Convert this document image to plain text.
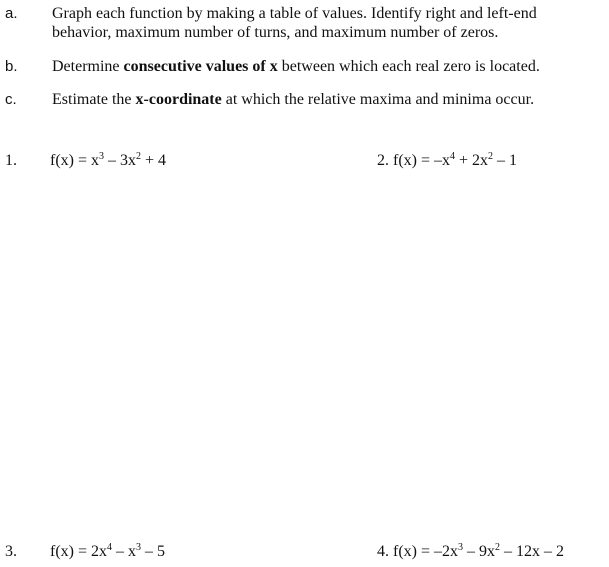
a. Graph each function by making a table of values. Identify right and left-end
behavior, maximum number of turns, and maximum number of zeros.
b. Determine consecutive values of x between which each real zero is located.
c. Estimate the x-coordinate at which the relative maxima and minima occur.
1. $f(x) = x^3 - 3x^2 + 4$	2. $f(x) = -x^4 + 2x^2 - 1$
3. $f(x) = 2x^4 - x^3 - 5$	4. $f(x) = -2x^3 - 9x^2 - 12x - 2$
